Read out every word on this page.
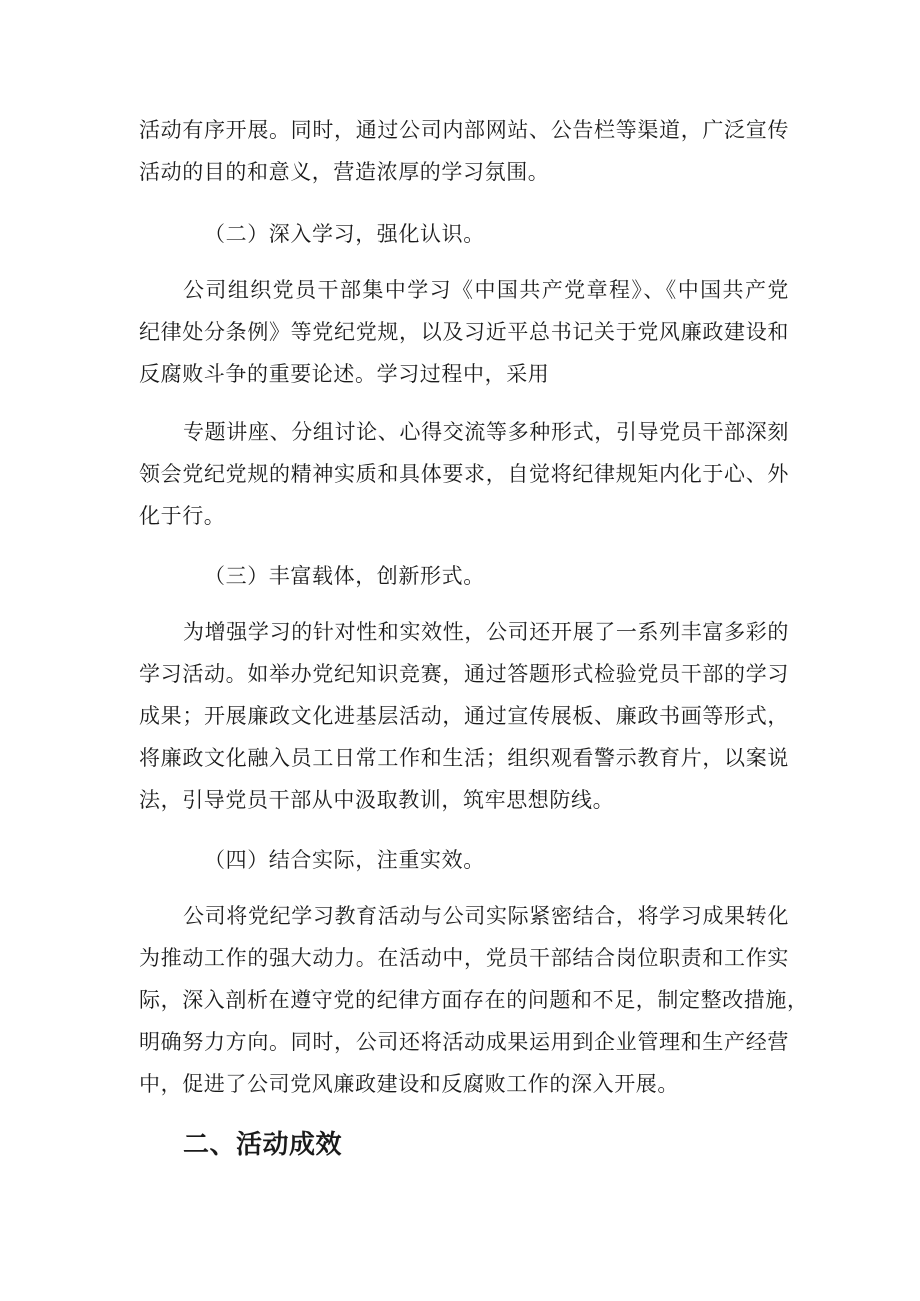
活动有序开展。同时，通过公司内部网站、公告栏等渠道，广泛宣传
活动的目的和意义，营造浓厚的学习氛围。
（二）深入学习，强化认识。
公司组织党员干部集中学习《中国共产党章程》、《中国共产党
纪律处分条例》等党纪党规，以及习近平总书记关于党风廉政建设和
反腐败斗争的重要论述。学习过程中，采用
专题讲座、分组讨论、心得交流等多种形式，引导党员干部深刻
领会党纪党规的精神实质和具体要求，自觉将纪律规矩内化于心、外
化于行。
（三）丰富载体，创新形式。
为增强学习的针对性和实效性，公司还开展了一系列丰富多彩的
学习活动。如举办党纪知识竞赛，通过答题形式检验党员干部的学习
成果；开展廉政文化进基层活动，通过宣传展板、廉政书画等形式，
将廉政文化融入员工日常工作和生活；组织观看警示教育片，以案说
法，引导党员干部从中汲取教训，筑牢思想防线。
（四）结合实际，注重实效。
公司将党纪学习教育活动与公司实际紧密结合，将学习成果转化
为推动工作的强大动力。在活动中，党员干部结合岗位职责和工作实
际，深入剖析在遵守党的纪律方面存在的问题和不足，制定整改措施，
明确努力方向。同时，公司还将活动成果运用到企业管理和生产经营
中，促进了公司党风廉政建设和反腐败工作的深入开展。
二、活动成效
